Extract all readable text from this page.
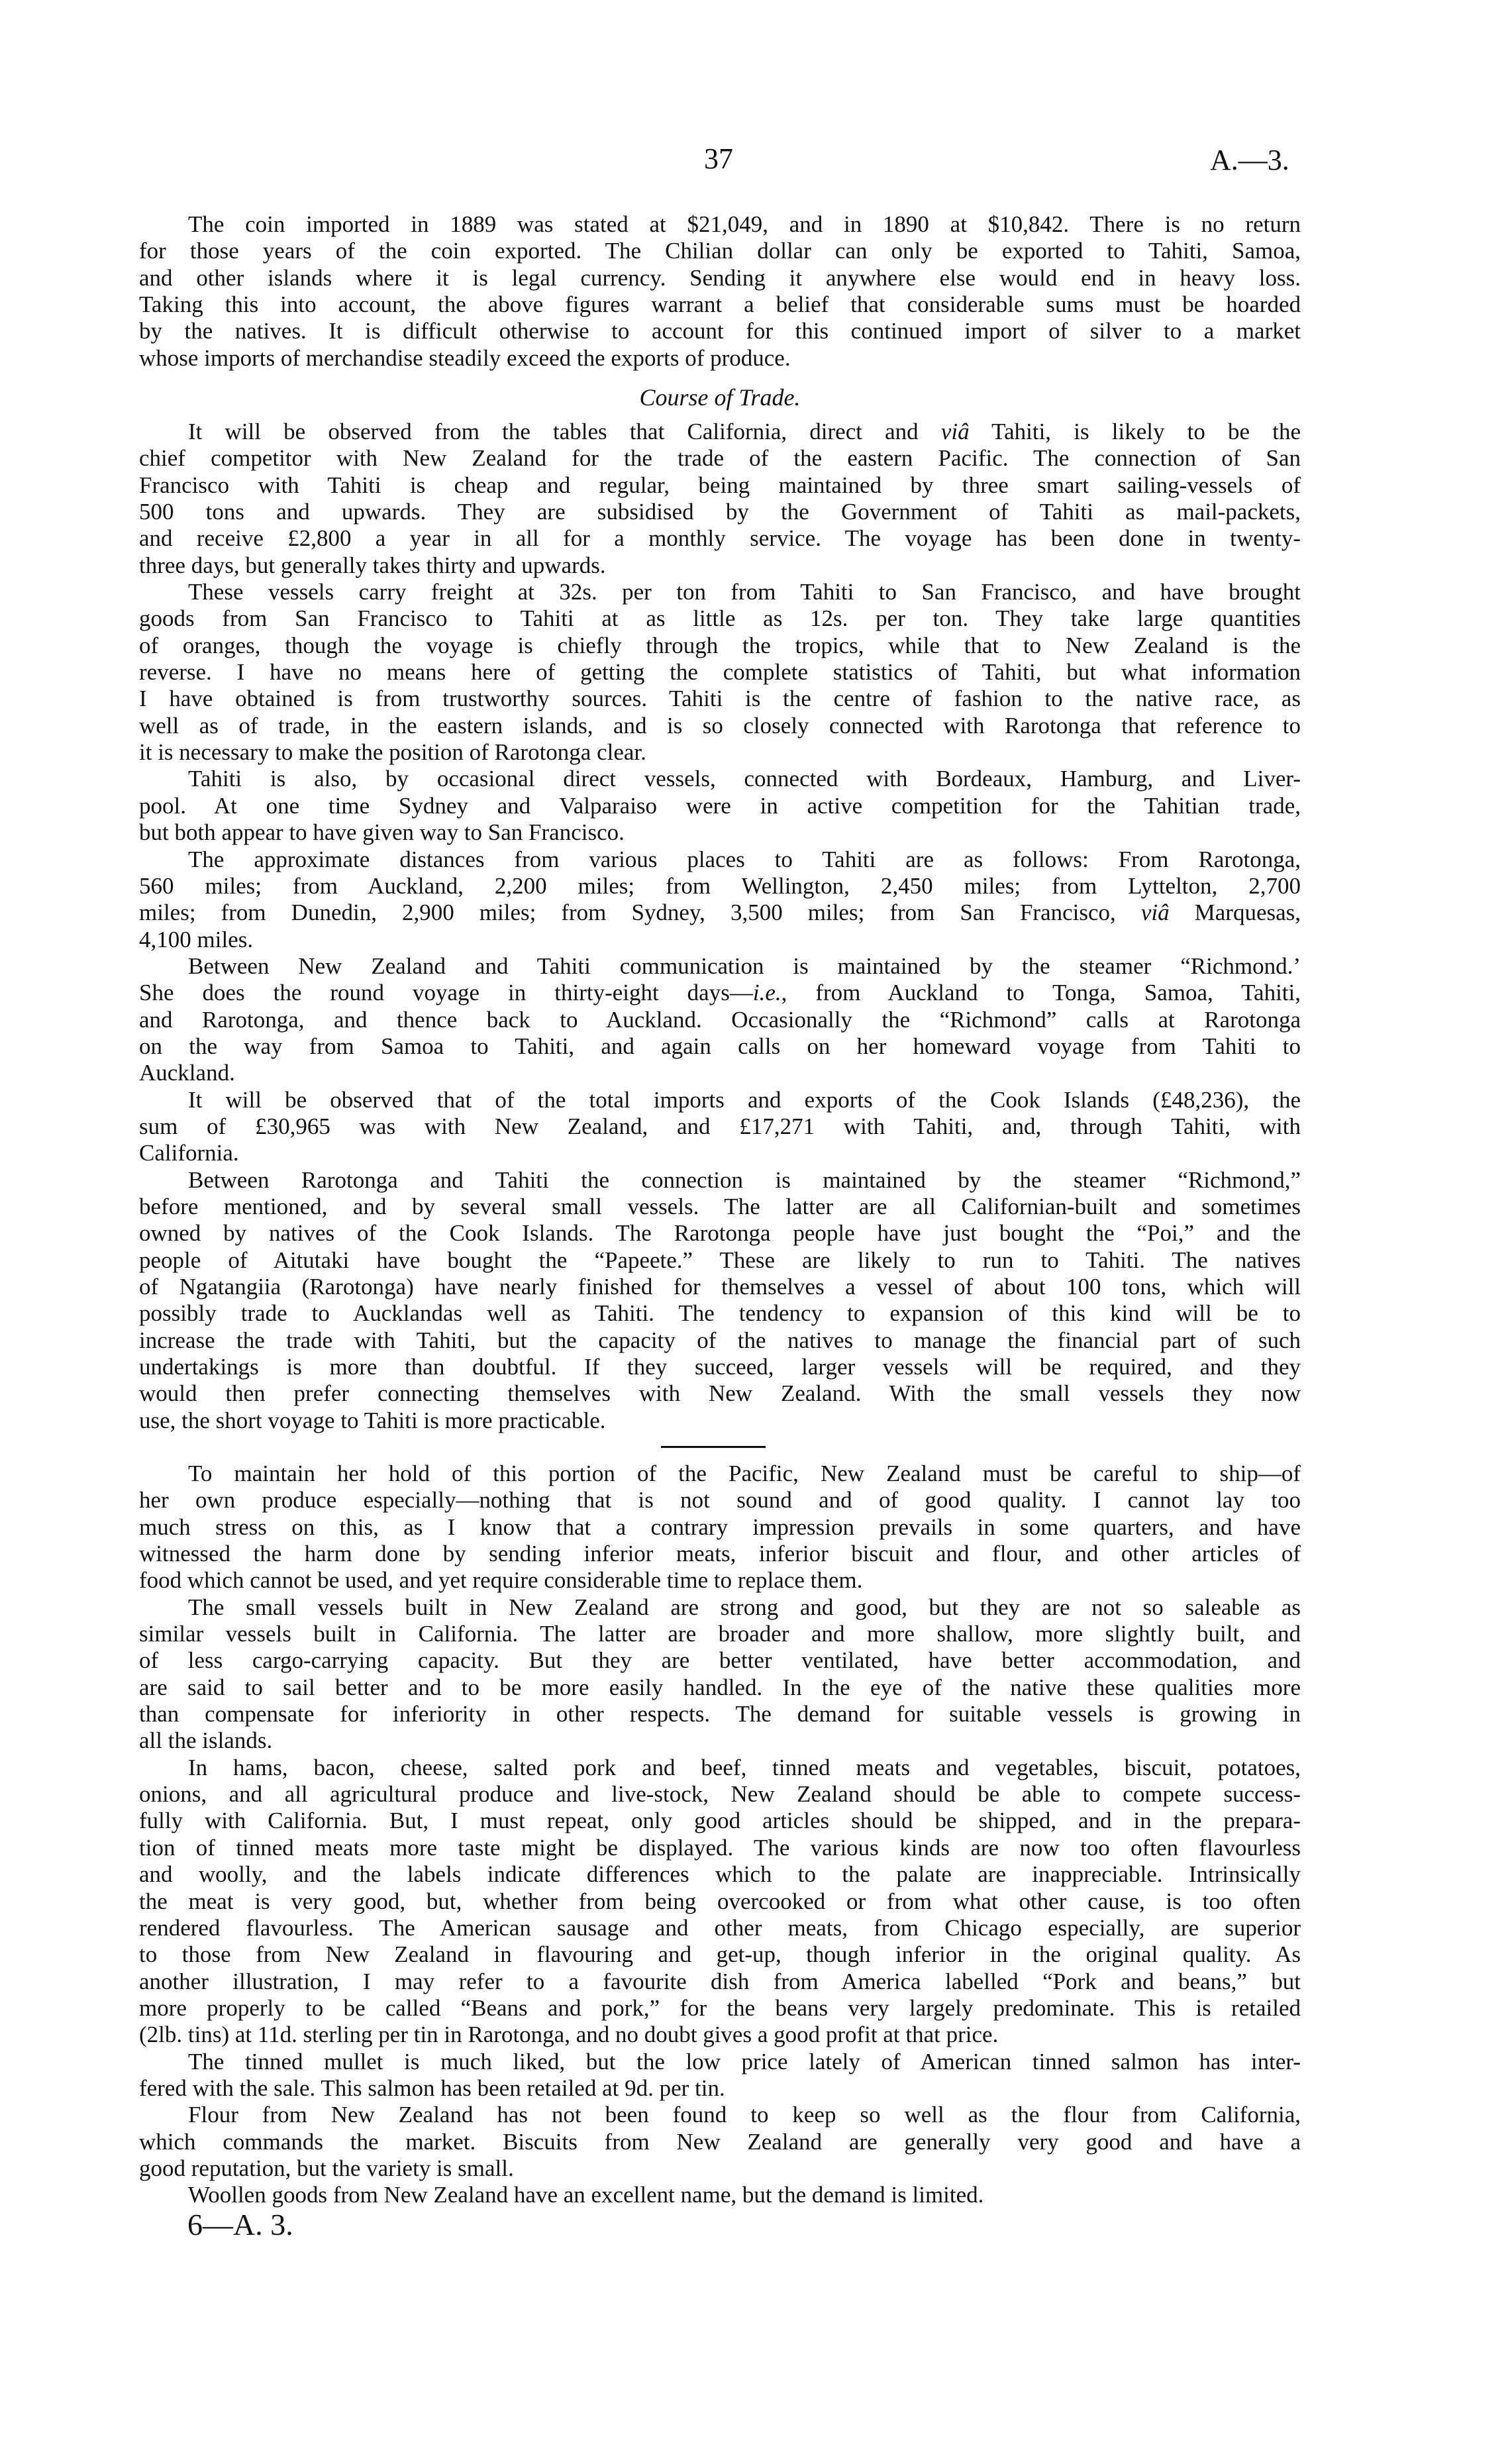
37	A.—3.
The coin imported in 1889 was stated at $21,049, and in 1890 at $10,842. There is no return
for those years of the coin exported. The Chilian dollar can only be exported to Tahiti, Samoa,
and other islands where it is legal currency. Sending it anywhere else would end in heavy loss.
Taking this into account, the above figures warrant a belief that considerable sums must be hoarded
by the natives. It is difficult otherwise to account for this continued import of silver to a market
whose imports of merchandise steadily exceed the exports of produce.
Course of Trade.
It will be observed from the tables that California, direct and viâ Tahiti, is likely to be the
chief competitor with New Zealand for the trade of the eastern Pacific. The connection of San
Francisco with Tahiti is cheap and regular, being maintained by three smart sailing-vessels of
500 tons and upwards. They are subsidised by the Government of Tahiti as mail-packets,
and receive £2,800 a year in all for a monthly service. The voyage has been done in twenty-
three days, but generally takes thirty and upwards.
These vessels carry freight at 32s. per ton from Tahiti to San Francisco, and have brought
goods from San Francisco to Tahiti at as little as 12s. per ton. They take large quantities
of oranges, though the voyage is chiefly through the tropics, while that to New Zealand is the
reverse. I have no means here of getting the complete statistics of Tahiti, but what information
I have obtained is from trustworthy sources. Tahiti is the centre of fashion to the native race, as
well as of trade, in the eastern islands, and is so closely connected with Rarotonga that reference to
it is necessary to make the position of Rarotonga clear.
Tahiti is also, by occasional direct vessels, connected with Bordeaux, Hamburg, and Liver-
pool. At one time Sydney and Valparaiso were in active competition for the Tahitian trade,
but both appear to have given way to San Francisco.
The approximate distances from various places to Tahiti are as follows: From Rarotonga,
560 miles; from Auckland, 2,200 miles; from Wellington, 2,450 miles; from Lyttelton, 2,700
miles; from Dunedin, 2,900 miles; from Sydney, 3,500 miles; from San Francisco, viâ Marquesas,
4,100 miles.
Between New Zealand and Tahiti communication is maintained by the steamer “Richmond.’
She does the round voyage in thirty-eight days—i.e., from Auckland to Tonga, Samoa, Tahiti,
and Rarotonga, and thence back to Auckland. Occasionally the “Richmond” calls at Rarotonga
on the way from Samoa to Tahiti, and again calls on her homeward voyage from Tahiti to
Auckland.
It will be observed that of the total imports and exports of the Cook Islands (£48,236), the
sum of £30,965 was with New Zealand, and £17,271 with Tahiti, and, through Tahiti, with
California.
Between Rarotonga and Tahiti the connection is maintained by the steamer “Richmond,”
before mentioned, and by several small vessels. The latter are all Californian-built and sometimes
owned by natives of the Cook Islands. The Rarotonga people have just bought the “Poi,” and the
people of Aitutaki have bought the “Papeete.” These are likely to run to Tahiti. The natives
of Ngatangiia (Rarotonga) have nearly finished for themselves a vessel of about 100 tons, which will
possibly trade to Aucklandas well as Tahiti. The tendency to expansion of this kind will be to
increase the trade with Tahiti, but the capacity of the natives to manage the financial part of such
undertakings is more than doubtful. If they succeed, larger vessels will be required, and they
would then prefer connecting themselves with New Zealand. With the small vessels they now
use, the short voyage to Tahiti is more practicable.
To maintain her hold of this portion of the Pacific, New Zealand must be careful to ship—of
her own produce especially—nothing that is not sound and of good quality. I cannot lay too
much stress on this, as I know that a contrary impression prevails in some quarters, and have
witnessed the harm done by sending inferior meats, inferior biscuit and flour, and other articles of
food which cannot be used, and yet require considerable time to replace them.
The small vessels built in New Zealand are strong and good, but they are not so saleable as
similar vessels built in California. The latter are broader and more shallow, more slightly built, and
of less cargo-carrying capacity. But they are better ventilated, have better accommodation, and
are said to sail better and to be more easily handled. In the eye of the native these qualities more
than compensate for inferiority in other respects. The demand for suitable vessels is growing in
all the islands.
In hams, bacon, cheese, salted pork and beef, tinned meats and vegetables, biscuit, potatoes,
onions, and all agricultural produce and live-stock, New Zealand should be able to compete success-
fully with California. But, I must repeat, only good articles should be shipped, and in the prepara-
tion of tinned meats more taste might be displayed. The various kinds are now too often flavourless
and woolly, and the labels indicate differences which to the palate are inappreciable. Intrinsically
the meat is very good, but, whether from being overcooked or from what other cause, is too often
rendered flavourless. The American sausage and other meats, from Chicago especially, are superior
to those from New Zealand in flavouring and get-up, though inferior in the original quality. As
another illustration, I may refer to a favourite dish from America labelled “Pork and beans,” but
more properly to be called “Beans and pork,” for the beans very largely predominate. This is retailed
(2lb. tins) at 11d. sterling per tin in Rarotonga, and no doubt gives a good profit at that price.
The tinned mullet is much liked, but the low price lately of American tinned salmon has inter-
fered with the sale. This salmon has been retailed at 9d. per tin.
Flour from New Zealand has not been found to keep so well as the flour from California,
which commands the market. Biscuits from New Zealand are generally very good and have a
good reputation, but the variety is small.
Woollen goods from New Zealand have an excellent name, but the demand is limited.
6—A. 3.
